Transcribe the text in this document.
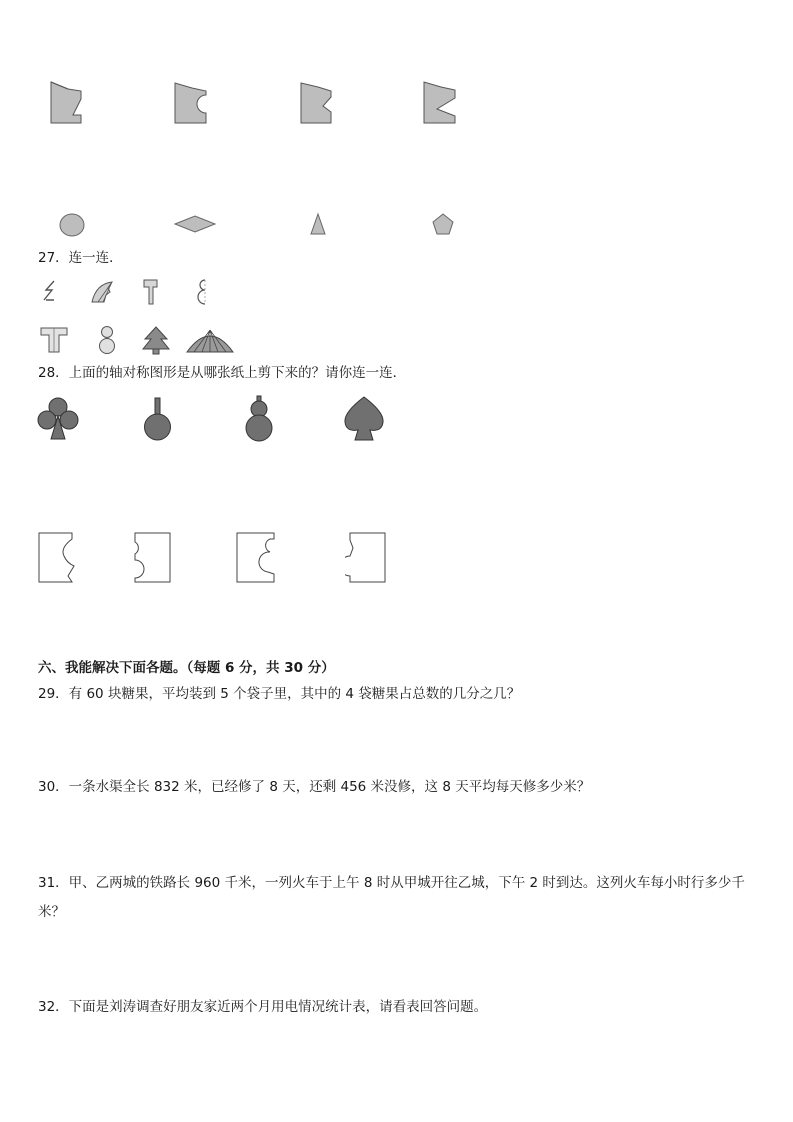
27．连一连．
28．上面的轴对称图形是从哪张纸上剪下来的？请你连一连．
六、我能解决下面各题。（每题 6 分，共 30 分）
29．有 60 块糖果，平均装到 5 个袋子里，其中的 4 袋糖果占总数的几分之几？
30．一条水渠全长 832 米，已经修了 8 天，还剩 456 米没修，这 8 天平均每天修多少米？
31．甲、乙两城的铁路长 960 千米，一列火车于上午 8 时从甲城开往乙城，下午 2 时到达。这列火车每小时行多少千
米？
32．下面是刘涛调查好朋友家近两个月用电情况统计表，请看表回答问题。
